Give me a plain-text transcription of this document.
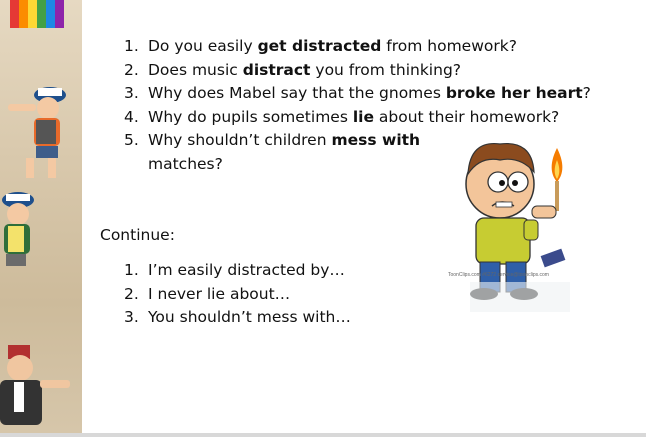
1. Do you easily get distracted from homework?
2. Does music distract you from thinking?
3. Why does Mabel say that the gnomes broke her heart?
4. Why do pupils sometimes lie about their homework?
5. Why shouldn’t children mess with
matches?
Continue:
1. I’m easily distracted by…
2. I never lie about…
3. You shouldn’t mess with…
ToonClips.com #6272 service@toonclips.com
